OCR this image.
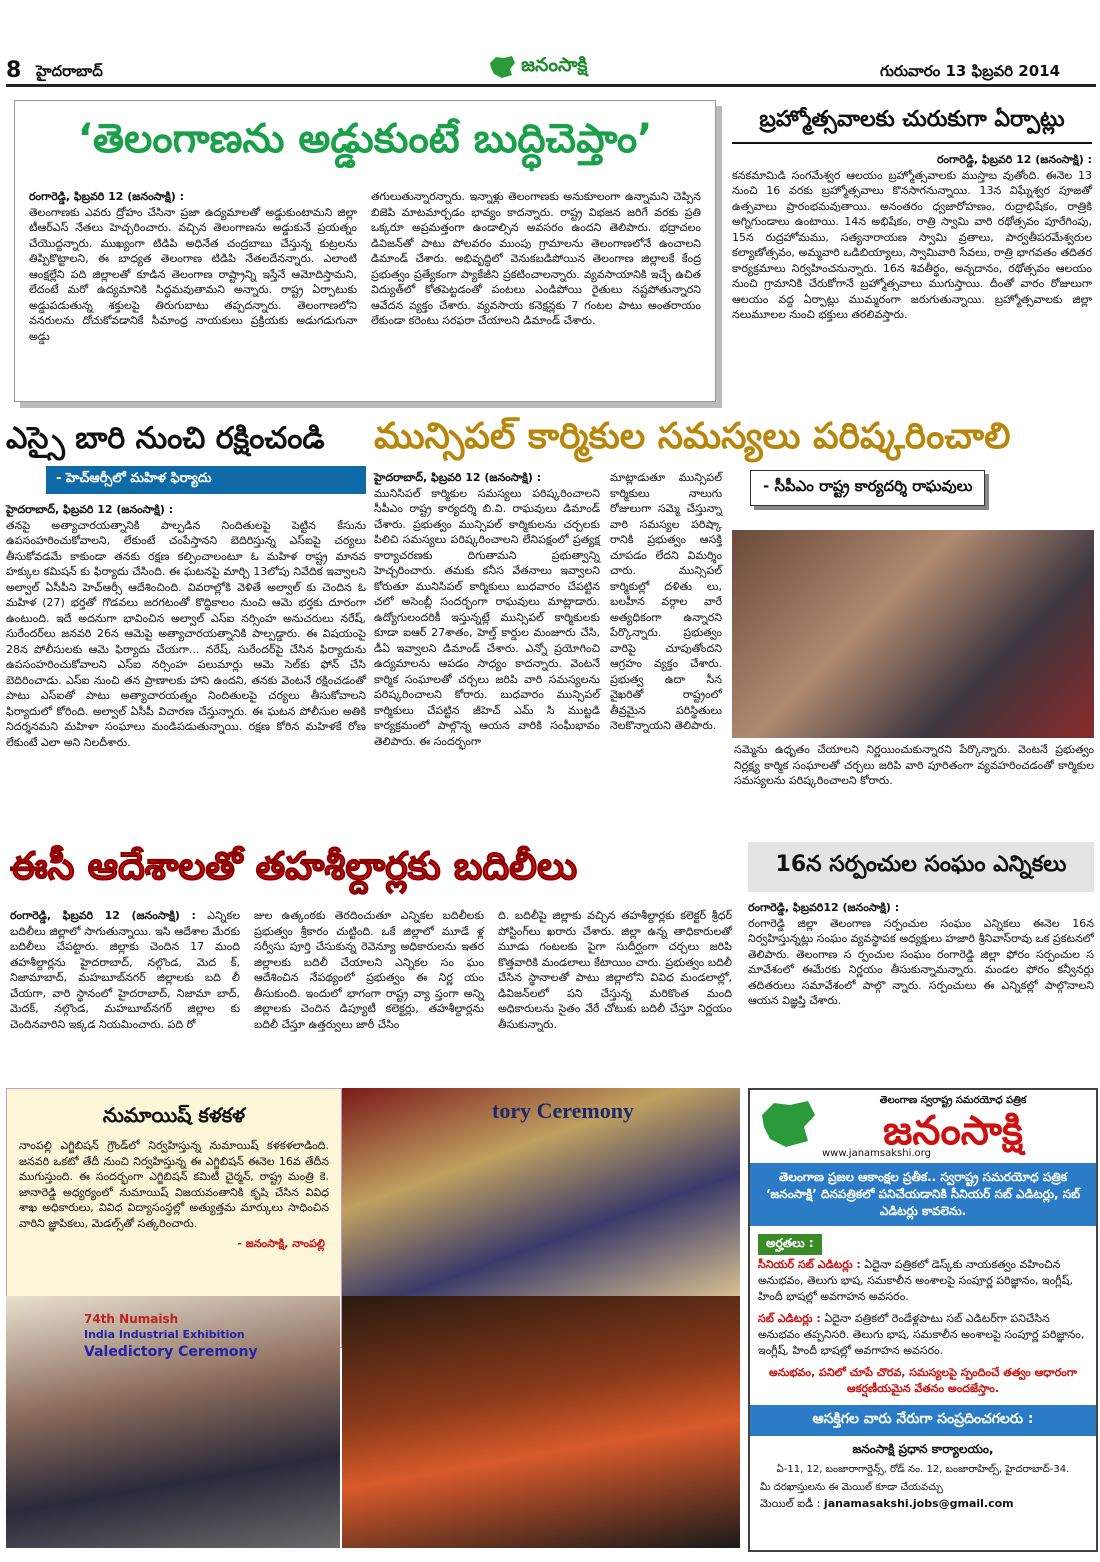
8 హైదరాబాద్	జనంసాక్షి	గురువారం 13 ఫిబ్రవరి 2014
‘తెలంగాణను అడ్డుకుంటే బుద్ధిచెప్తాం’

రంగారెడ్డి, ఫిబ్రవరి 12 (జనంసాక్షి) :
తెలంగాణకు ఎవరు ద్రోహం చేసినా ప్రజా ఉద్యమాలతో అడ్డుకుంటామని జిల్లా టీఆర్ఎస్ నేతలు హెచ్చరించారు. వచ్చిన తెలంగాణను అడ్డుకునే ప్రయత్నం చేయొద్దన్నారు. ముఖ్యంగా టిడిపి అధినేత చంద్రబాబు చేస్తున్న కుట్రలను తిప్పికొట్టాలని, ఈ బాధ్యత తెలంగాణ టిడిపి నేతలదేనన్నారు. ఎలాంటి ఆంక్షల్లేని పది జిల్లాలతో కూడిన తెలంగాణ రాష్ట్రాన్ని ఇస్తేనే ఆమోదిస్తామని, లేదంటే మరో ఉద్యమానికి సిద్ధమవుతామని అన్నారు. రాష్ట్ర ఏర్పాటుకు అడ్డుపడుతున్న శక్తులపై తిరుగుబాటు తప్పదన్నారు. తెలంగాణలోని వనరులను దోచుకోవడానికే సీమాంధ్ర నాయకులు ప్రక్రియకు అడుగడుగునా అడ్డు

తగులుతున్నారన్నారు. ఇన్నాళ్లు తెలంగాణకు అనుకూలంగా ఉన్నామని చెప్పిన బిజెపి మాటమార్చడం భావ్యం కాదన్నారు. రాష్ట్ర విభజన జరిగే వరకు ప్రతి ఒక్కరూ అప్రమత్తంగా ఉండాల్సిన అవసరం ఉందని తెలిపారు. భద్రాచలం డివిజన్‌తో పాటు పోలవరం ముంపు గ్రామాలను తెలంగాణలోనే ఉంచాలని డిమాండ్ చేశారు. అభివృద్ధిలో వెనుకబడిపోయిన తెలంగాణ జిల్లాలకే కేంద్ర ప్రభుత్వం ప్రత్యేకంగా ప్యాకేజీని ప్రకటించాలన్నారు. వ్యవసాయానికి ఇచ్చే ఉచిత విద్యుత్‌లో కోతపెట్టడంతో పంటలు ఎండిపోయి రైతులు నష్టపోతున్నారని ఆవేదన వ్యక్తం చేశారు. వ్యవసాయ కనెక్షన్లకు 7 గంటల పాటు అంతరాయం లేకుండా కరెంటు సరఫరా చేయాలని డిమాండ్ చేశారు.

బ్రహ్మోత్సవాలకు చురుకుగా ఏర్పాట్లు

రంగారెడ్డి, ఫిబ్రవరి 12 (జనంసాక్షి) :
కనకమామిడి సంగమేశ్వర ఆలయం బ్రహ్మోత్సవాలకు ముస్తాబ వుతోంది. ఈనెల 13 నుంచి 16 వరకు బ్రహ్మోత్సవాలు కొనసాగనున్నాయి. 13న విఘ్నేశ్వర పూజతో ఉత్సవాలు ప్రారంభమవుతాయి. అనంతరం ధ్వజారోహణం, రుద్రాభిషేకం, రాత్రికి అగ్నిగుండాలు ఉంటాయి. 14న అభిషేకం, రాత్రి స్వామి వారి రథోత్సవం పూరేగింపు, 15న రుద్రహోమము, సత్యనారాయణ స్వామి వ్రతాలు, పార్వతీపరమేశ్వరుల కల్యాణోత్సవం, అమ్మవారి ఒడిబియ్యాలు, స్వామివారి సేవలు, రాత్రి భాగవతం తదితర కార్యక్రమాలు నిర్వహించనున్నారు. 16న శివతీర్థం, అన్నదానం, రథోత్సవం ఆలయం నుంచి గ్రామానికి చేరుకోగానే బ్రహ్మోత్సవాలు ముగుస్తాయి. దీంతో వారం రోజులుగా ఆలయం వద్ద ఏర్పాట్లు ముమ్మరంగా జరుగుతున్నాయి. బ్రహ్మోత్సవాలకు జిల్లా నలుమూలల నుంచి భక్తులు తరలివస్తారు.

ఎస్సై బారి నుంచి రక్షించండి
- హెచ్ఆర్సీలో మహిళ ఫిర్యాదు

హైదరాబాద్, ఫిబ్రవరి 12 (జనంసాక్షి) :
తనపై అత్యాచారయత్నానికి పాల్పడిన నిందితులపై పెట్టిన కేసును ఉపసంహరించుకోవాలని, లేకుంటే చంపేస్తానని బెదిరిస్తున్న ఎస్ఐపై చర్యలు తీసుకోవడమే కాకుండా తనకు రక్షణ కల్పించాలంటూ ఓ మహిళ రాష్ట్ర మానవ హక్కుల కమిషన్ కు ఫిర్యాదు చేసింది. ఈ ఘటనపై మార్చి 13లోపు నివేదిక ఇవ్వాలని అల్వాల్ ఏసీపీని హెచ్ఆర్సీ ఆదేశించింది. వివరాల్లోకి వెళితే అల్వాల్ కు చెందిన ఓ మహిళ (27) భర్తతో గొడవలు జరగటంతో కొద్దికాలం నుంచి ఆమె భర్తకు దూరంగా ఉంటుంది. ఇదే అదనుగా భావించిన అల్వాల్ ఎస్ఐ నర్సింహ అనుచరులు నరేష్, సురేందర్‌లు జనవరి 26న ఆమెపై అత్యాచారయత్నానికి పాల్పడ్డారు. ఈ విషయంపై 28న పోలీసులకు ఆమె ఫిర్యాదు చేయగా... నరేష్, సురేందర్‌పై చేసిన ఫిర్యాదును ఉపసంహరించుకోవాలని ఎస్ఐ నర్సింహ పలుమార్లు ఆమె సెల్‌కు ఫోన్ చేసి బెదిరించాడు. ఎస్ఐ నుంచి తన ప్రాణాలకు హాని ఉందని, తనకు వెంటనే రక్షించడంతో పాటు ఎస్ఐతో పాటు అత్యాచారయత్నం నిందితులపై చర్యలు తీసుకోవాలని ఫిర్యాదులో కోరింది. అల్వాల్ ఏసీపీ విచారణ చేస్తున్నారు. ఈ ఘటన పోలీసుల అతికి నిదర్శనమని మహిళా సంఘాలు మండిపడుతున్నాయి. రక్షణ కోరిన మహిళకే రోణ లేకుంటే ఎలా అని నిలదీశారు.

మున్సిపల్ కార్మికుల సమస్యలు పరిష్కరించాలి

హైదరాబాద్, ఫిబ్రవరి 12 (జనంసాక్షి) :
మునిసిపల్ కార్మికుల సమస్యలు పరిష్కరించాలని సీపీఎం రాష్ట్ర కార్యదర్శి బి.వి. రాఘవులు డిమాండ్ చేశారు. ప్రభుత్వం మున్సిపల్ కార్మికులను చర్చలకు పిలిచి సమస్యలు పరిష్కరించాలని లేనిపక్షంలో ప్రత్యక్ష కార్యాచరణకు దిగుతామని ప్రభుత్వాన్ని హెచ్చరించారు. తమకు కనీస వేతనాలు ఇవ్వాలని కోరుతూ మునిసిపల్ కార్మికులు బుధవారం చేపట్టిన చలో అసెంబ్లీ సందర్భంగా రాఘవులు మాట్లాడారు. ఉద్యోగులందరికీ ఇస్తున్నట్లే మున్సిపల్ కార్మికులకు కూడా ఐఆర్ 27శాతం, హెల్త్ కార్డుల మంజూరు చేసి, డీఏ ఇవ్వాలని డిమాండ్ చేశారు. ఎన్నో ప్రయోగించి ఉద్యమాలను ఆపడం సాధ్యం కాదన్నారు. వెంటనే కార్మిక సంఘాలతో చర్చలు జరిపి వారి సమస్యలను పరిష్కరించాలని కోరారు. బుధవారం మున్సిపల్ కార్మికులు చేపట్టిన జీహెచ్ ఎమ్ సి ముట్టడి కార్యక్రమంలో పాల్గొన్న ఆయన వారికి సంఘీభావం తెలిపారు. ఈ సందర్భంగా

మాట్లాడుతూ మున్సిపల్ కార్మికులు నాలుగు రోజులుగా సమ్మె చేస్తున్నా వారి సమస్యల పరిష్కా రానికి ప్రభుత్వం ఆసక్తి చూపడం లేదని విమర్శిం చారు. మున్సిపల్ కార్మికుల్లో దళితు లు, బలహీన వర్గాల వారే అత్యధికంగా ఉన్నారని పేర్కొన్నారు. ప్రభుత్వం వారిపై చూపుతోందని ఆగ్రహం వ్యక్తం చేశారు. ప్రభుత్వ ఉదా సీన వైఖరితో రాష్ట్రంలో తీవ్రమైన పరిస్థితులు నెలకొన్నాయని తెలిపారు.

- సీపీఎం రాష్ట్ర కార్యదర్శి రాఘవులు

సమ్మెను ఉధృతం చేయాలని నిర్ణయించుకున్నారని పేర్కొన్నారు. వెంటనే ప్రభుత్వం నిర్లక్ష్య కార్మిక సంఘాలతో చర్చలు జరిపి వారి పూరితంగా వ్యవహరించడంతో కార్మికుల సమస్యలను పరిష్కరించాలని కోరారు.

ఈసీ ఆదేశాలతో తహశీల్దార్లకు బదిలీలు

రంగారెడ్డి, ఫిబ్రవరి 12 (జనంసాక్షి) : ఎన్నికల బదిలీలు జిల్లాలో సాగుతున్నాయి. ఇసి ఆదేశాల మేరకు బదిలీలు చేపట్టారు. జిల్లాకు చెందిన 17 మంది తహశీల్దార్లను హైదరాబాద్, నల్గొండ, మెద క్, నిజామాబాద్, మహబూబ్‌నగర్ జిల్లాలకు బది లీ చేయగా, వారి స్థానంలో హైదరాబాద్, నిజామా బాద్, మెదక్, నల్గొండ, మహబూబ్‌నగర్ జిల్లాల కు చెందినవారిని ఇక్కడ నియమించారు. పది రో

జుల ఉత్కంఠకు తెరదించుతూ ఎన్నికల బదిలీలకు ప్రభుత్వం శ్రీకారం చుట్టింది. ఒకే జిల్లాలో మూడే ళ్ల సర్వీసు పూర్తి చేసుకున్న రెవెన్యూ అధికారులను ఇతర జిల్లాలకు బదిలీ చేయాలని ఎన్నికల సం ఘం ఆదేశించిన నేపథ్యంలో ప్రభుత్వం ఈ నిర్ణ యం తీసుకుంది. ఇందులో భాగంగా రాష్ట్ర వ్యా ప్తంగా అన్ని జిల్లాలకు చెందిన డిప్యూటీ కలెక్టర్లు, తహశీల్దార్లను బదిలీ చేస్తూ ఉత్తర్వులు జారీ చేసిం

ది. బదిలీపై జిల్లాకు వచ్చిన తహశీల్దార్లకు కలెక్టర్ శ్రీధర్ పోస్టింగ్‌లు ఖరారు చేశారు. జిల్లా ఉన్న తాధికారులతో మూడు గంటలకు పైగా సుదీర్ఘంగా చర్చలు జరిపి కొత్తవారికి మండలాలు కేటాయిం చారు. ప్రభుత్వం బదిలీ చేసిన స్థానాలతో పాటు జిల్లాలోని వివిధ మండలాల్లో, డివిజన్‌లలో పని చేస్తున్న మరికొంత మంది అధికారులను సైతం వేరే చోటుకు బదిలీ చేస్తూ నిర్ణయం తీసుకున్నారు.

16న సర్పంచుల సంఘం ఎన్నికలు

రంగారెడ్డి, ఫిబ్రవరి12 (జనంసాక్షి) :
రంగారెడ్డి జిల్లా తెలంగాణ సర్పంచుల సంఘం ఎన్నికలు ఈనెల 16న నిర్వహిస్తున్నట్లు సంఘం వ్యవస్థాపక అధ్యక్షులు హజారి శ్రీనివాస్‌రావు ఒక ప్రకటనలో తెలిపారు. తెలంగాణ స ర్పంచుల సంఘం రంగారెడ్డి జిల్లా ఫోరం సర్పంచుల స మావేశంలో ఈమేరకు నిర్ణయం తీసుకున్నామన్నారు. మండల ఫోరం కన్వీనర్లు తదితరులు సమావేశంలో పాల్గొ న్నారు. సర్పంచులు ఈ ఎన్నికల్లో పాల్గొనాలని ఆయన విజ్ఞప్తి చేశారు.

నుమాయిష్ కళకళ

నాంపల్లి ఎగ్జిబిషన్ గ్రౌండ్‌లో నిర్వహిస్తున్న నుమాయిష్ కళకళలాడింది. జనవరి ఒకటో తేదీ నుంచి నిర్వహిస్తున్న ఈ ఎగ్జిబిషన్ ఈనెల 16వ తేదీన ముగుస్తుంది. ఈ సందర్భంగా ఎగ్జిబిషన్ కమిటీ చైర్మన్, రాష్ట్ర మంత్రి కె. జానారెడ్డి అధ్యర్యంలో నుమాయిష్ విజయవంతానికి కృషి చేసిన వివిధ శాఖ అధికారులు, వివిధ విద్యాసంస్థల్లో అత్యుత్తమ మార్కులు సాధించిన వారిని జ్ఞాపికలు, మెడల్స్‌తో సత్కరించారు.

- జనంసాక్షి, నాంపల్లి
tory Ceremony
74th Numaish
India Industrial Exhibition
Valedictory Ceremony
తెలంగాణ స్వరాష్ట్ర సమరయోధ పత్రిక
జనంసాక్షి
www.janamsakshi.org
తెలంగాణ ప్రజల ఆకాంక్షల ప్రతీక.. స్వరాష్ట్ర సమరయోధ పత్రిక ‘జనంసాక్షి’ దినపత్రికలో పనిచేయడానికి సీనియర్ సబ్ ఎడిటర్లు, సబ్ ఎడిటర్లు కావలెను.
అర్హతలు :
సీనియర్ సబ్ ఎడిటర్లు : ఏదైనా పత్రికలో డెస్క్‌కు నాయకత్వం వహించిన అనుభవం, తెలుగు భాష, సమకాలీన అంశాలపై సంపూర్ణ పరిజ్ఞానం, ఇంగ్లీష్, హిందీ భాషల్లో అవగాహన అవసరం.
సబ్ ఎడిటర్లు : ఏదైనా పత్రికలో రెండేళ్లపాటు సబ్ ఎడిటర్‌గా పనిచేసిన అనుభవం తప్పనిసరి. తెలుగు భాష, సమకాలీన అంశాలపై సంపూర్ణ పరిజ్ఞానం, ఇంగ్లీష్, హిందీ భాషల్లో అవగాహన అవసరం.
అనుభవం, పనిలో చూపే చొరవ, సమస్యలపై స్పందించే తత్వం ఆధారంగా ఆకర్షణీయమైన వేతనం అందజేస్తాం.
ఆసక్తిగల వారు నేరుగా సంప్రదించగలరు :
జనంసాక్షి ప్రధాన కార్యాలయం,
ఏ-11, 12, బంజారాగార్డెన్స్, రోడ్ నం. 12, బంజారాహిల్స్, హైదరాబాద్-34.
మీ దరఖాస్తులను ఈ మెయిల్ కూడా చేయవచ్చు
మెయిల్ ఐడీ : janamasakshi.jobs@gmail.com
